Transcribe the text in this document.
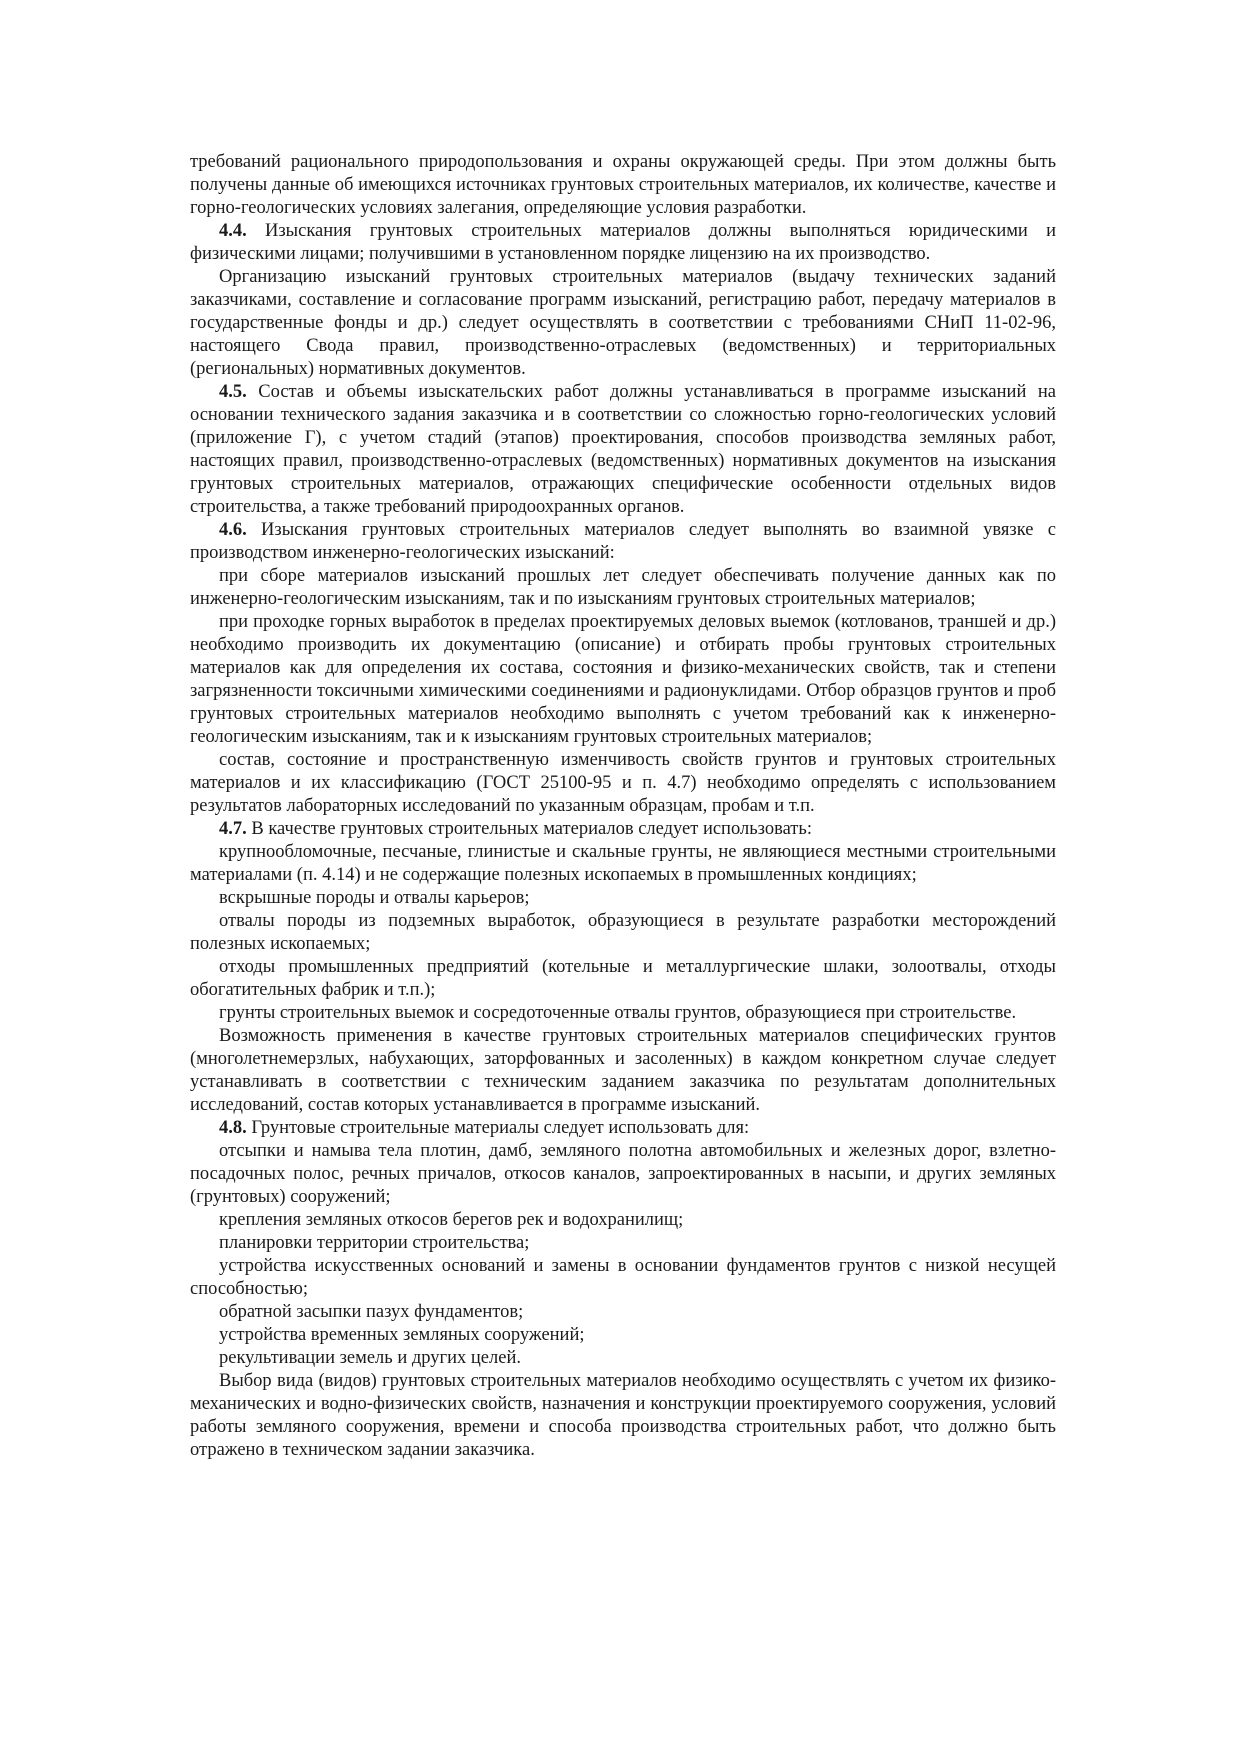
требований рационального природопользования и охраны окружающей среды. При этом должны быть получены данные об имеющихся источниках грунтовых строительных материалов, их количестве, качестве и горно-геологических условиях залегания, определяющие условия разработки.

4.4. Изыскания грунтовых строительных материалов должны выполняться юридическими и физическими лицами; получившими в установленном порядке лицензию на их производство.

Организацию изысканий грунтовых строительных материалов (выдачу технических заданий заказчиками, составление и согласование программ изысканий, регистрацию работ, передачу материалов в государственные фонды и др.) следует осуществлять в соответствии с требованиями СНиП 11-02-96, настоящего Свода правил, производственно-отраслевых (ведомственных) и территориальных (региональных) нормативных документов.

4.5. Состав и объемы изыскательских работ должны устанавливаться в программе изысканий на основании технического задания заказчика и в соответствии со сложностью горно-геологических условий (приложение Г), с учетом стадий (этапов) проектирования, способов производства земляных работ, настоящих правил, производственно-отраслевых (ведомственных) нормативных документов на изыскания грунтовых строительных материалов, отражающих специфические особенности отдельных видов строительства, а также требований природоохранных органов.

4.6. Изыскания грунтовых строительных материалов следует выполнять во взаимной увязке с производством инженерно-геологических изысканий:

при сборе материалов изысканий прошлых лет следует обеспечивать получение данных как по инженерно-геологическим изысканиям, так и по изысканиям грунтовых строительных материалов;

при проходке горных выработок в пределах проектируемых деловых выемок (котлованов, траншей и др.) необходимо производить их документацию (описание) и отбирать пробы грунтовых строительных материалов как для определения их состава, состояния и физико-механических свойств, так и степени загрязненности токсичными химическими соединениями и радионуклидами. Отбор образцов грунтов и проб грунтовых строительных материалов необходимо выполнять с учетом требований как к инженерно-геологическим изысканиям, так и к изысканиям грунтовых строительных материалов;

состав, состояние и пространственную изменчивость свойств грунтов и грунтовых строительных материалов и их классификацию (ГОСТ 25100-95 и п. 4.7) необходимо определять с использованием результатов лабораторных исследований по указанным образцам, пробам и т.п.

4.7. В качестве грунтовых строительных материалов следует использовать:

крупнообломочные, песчаные, глинистые и скальные грунты, не являющиеся местными строительными материалами (п. 4.14) и не содержащие полезных ископаемых в промышленных кондициях;

вскрышные породы и отвалы карьеров;

отвалы породы из подземных выработок, образующиеся в результате разработки месторождений полезных ископаемых;

отходы промышленных предприятий (котельные и металлургические шлаки, золоотвалы, отходы обогатительных фабрик и т.п.);

грунты строительных выемок и сосредоточенные отвалы грунтов, образующиеся при строительстве.

Возможность применения в качестве грунтовых строительных материалов специфических грунтов (многолетнемерзлых, набухающих, заторфованных и засоленных) в каждом конкретном случае следует устанавливать в соответствии с техническим заданием заказчика по результатам дополнительных исследований, состав которых устанавливается в программе изысканий.

4.8. Грунтовые строительные материалы следует использовать для:

отсыпки и намыва тела плотин, дамб, земляного полотна автомобильных и железных дорог, взлетно-посадочных полос, речных причалов, откосов каналов, запроектированных в насыпи, и других земляных (грунтовых) сооружений;

крепления земляных откосов берегов рек и водохранилищ;

планировки территории строительства;

устройства искусственных оснований и замены в основании фундаментов грунтов с низкой несущей способностью;

обратной засыпки пазух фундаментов;

устройства временных земляных сооружений;

рекультивации земель и других целей.

Выбор вида (видов) грунтовых строительных материалов необходимо осуществлять с учетом их физико-механических и водно-физических свойств, назначения и конструкции проектируемого сооружения, условий работы земляного сооружения, времени и способа производства строительных работ, что должно быть отражено в техническом задании заказчика.
